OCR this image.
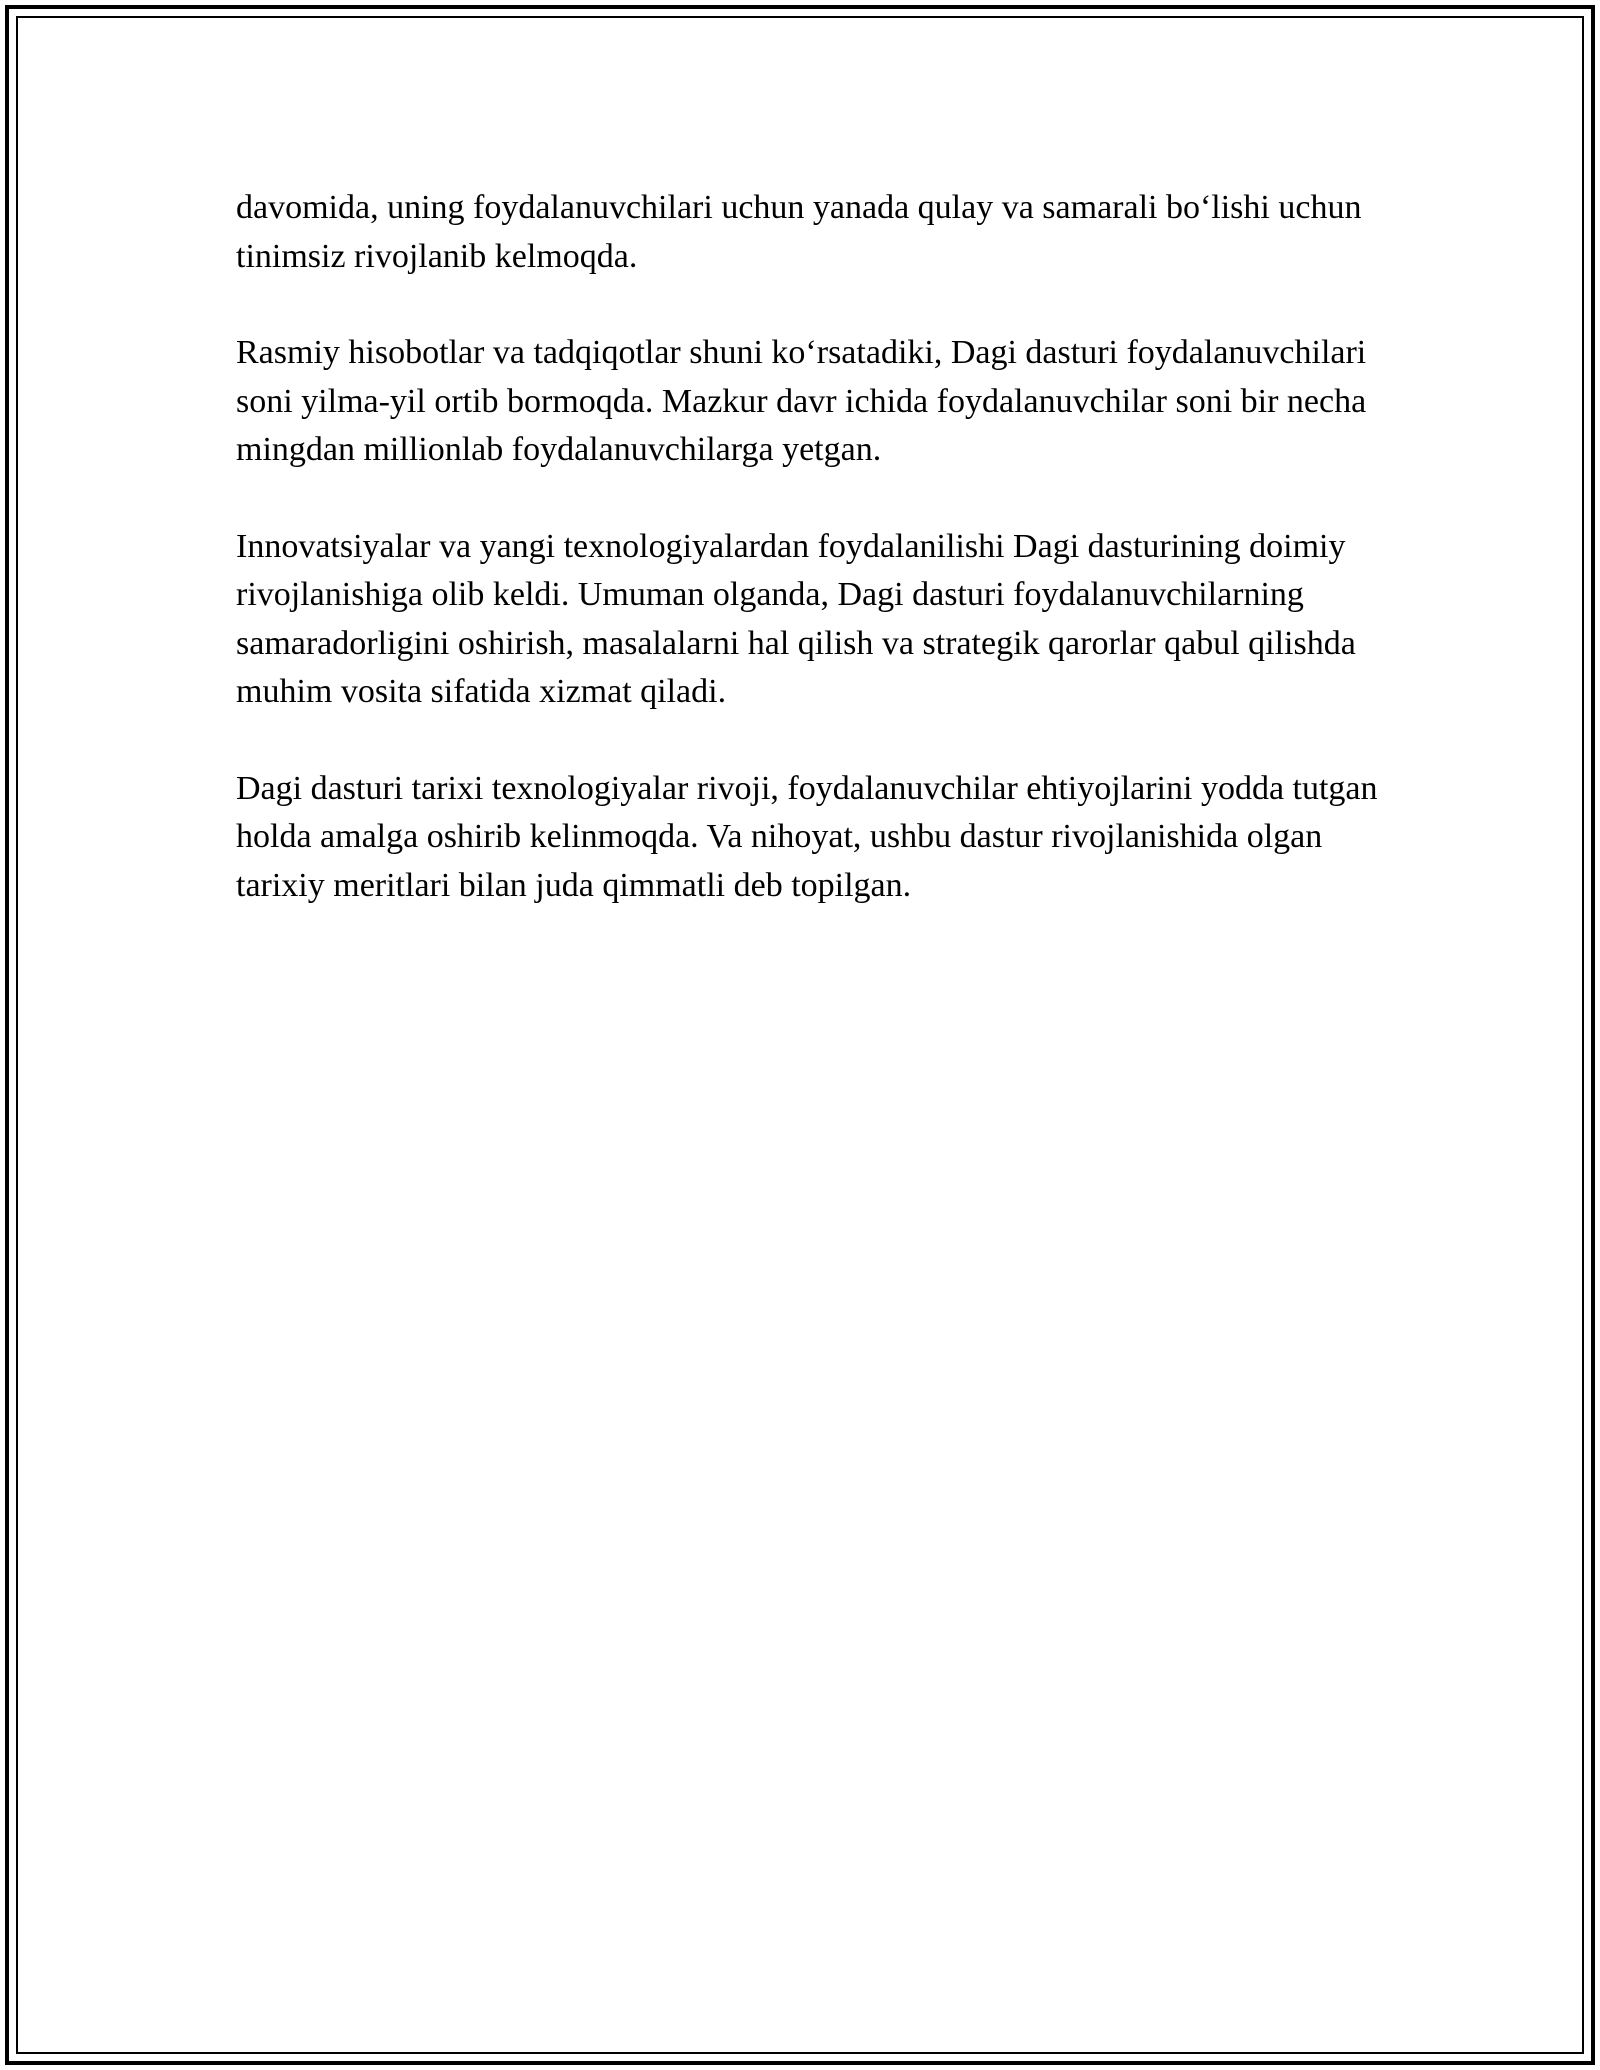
davomida, uning foydalanuvchilari uchun yanada qulay va samarali bo‘lishi uchun tinimsiz rivojlanib kelmoqda.

Rasmiy hisobotlar va tadqiqotlar shuni ko‘rsatadiki, Dagi dasturi foydalanuvchilari soni yilma-yil ortib bormoqda. Mazkur davr ichida foydalanuvchilar soni bir necha mingdan millionlab foydalanuvchilarga yetgan.

Innovatsiyalar va yangi texnologiyalardan foydalanilishi Dagi dasturining doimiy rivojlanishiga olib keldi. Umuman olganda, Dagi dasturi foydalanuvchilarning samaradorligini oshirish, masalalarni hal qilish va strategik qarorlar qabul qilishda muhim vosita sifatida xizmat qiladi.

Dagi dasturi tarixi texnologiyalar rivoji, foydalanuvchilar ehtiyojlarini yodda tutgan holda amalga oshirib kelinmoqda. Va nihoyat, ushbu dastur rivojlanishida olgan tarixiy meritlari bilan juda qimmatli deb topilgan.
